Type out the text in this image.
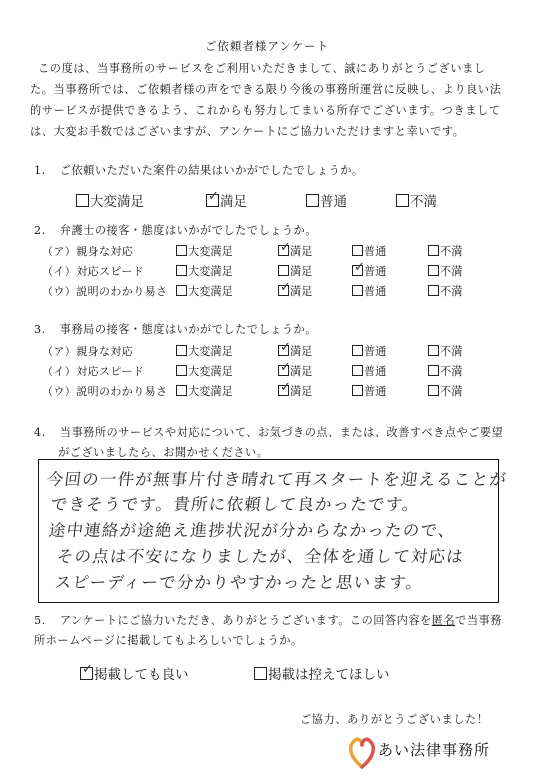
ご依頼者様アンケート
この度は、当事務所のサービスをご利用いただきまして、誠にありがとうございまし
た。当事務所では、ご依頼者様の声をできる限り今後の事務所運営に反映し、より良い法
的サービスが提供できるよう、これからも努力してまいる所存でございます。つきまして
は、大変お手数ではございますが、アンケートにご協力いただけますと幸いです。
1. ご依頼いただいた案件の結果はいかがでしたでしょうか。
大変満足	✓ 満足	普通	不満
2. 弁護士の接客・態度はいかがでしたでしょうか。
（ア）親身な対応	大変満足	✓ 満足	普通	不満
（イ）対応スピード	大変満足	満足	✓ 普通	不満
（ウ）説明のわかり易さ	大変満足	✓ 満足	普通	不満
3. 事務局の接客・態度はいかがでしたでしょうか。
（ア）親身な対応	大変満足	✓ 満足	普通	不満
（イ）対応スピード	大変満足	✓ 満足	普通	不満
（ウ）説明のわかり易さ	大変満足	✓ 満足	普通	不満
4. 当事務所のサービスや対応について、お気づきの点、または、改善すべき点やご要望
がございましたら、お聞かせください。
今回の一件が無事片付き晴れて再スタートを迎えることが
できそうです。貴所に依頼して良かったです。
途中連絡が途絶え進捗状況が分からなかったので、
その点は不安になりましたが、全体を通して対応は
スピーディーで分かりやすかったと思います。
5. アンケートにご協力いただき、ありがとうございます。この回答内容を匿名で当事務
所ホームページに掲載してもよろしいでしょうか。
✓ 掲載しても良い	掲載は控えてほしい
ご協力、ありがとうございました！
あい法律事務所
